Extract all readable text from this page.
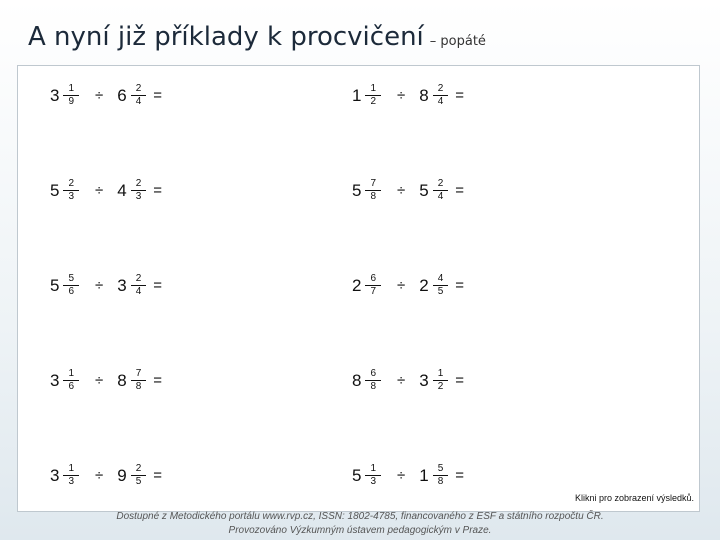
A nyní již příklady k procvičení – popáté
$3 \frac{1}{9} \div 6 \frac{2}{4}$ =
$5 \frac{2}{3} \div 4 \frac{2}{3}$ =
$5 \frac{5}{6} \div 3 \frac{2}{4}$ =
$3 \frac{1}{6} \div 8 \frac{7}{8}$ =
$3 \frac{1}{3} \div 9 \frac{2}{5}$ =
$1 \frac{1}{2} \div 8 \frac{2}{4}$ =
$5 \frac{7}{8} \div 5 \frac{2}{4}$ =
$2 \frac{6}{7} \div 2 \frac{4}{5}$ =
$8 \frac{6}{8} \div 3 \frac{1}{2}$ =
$5 \frac{1}{3} \div 1 \frac{5}{8}$ =
Klikni pro zobrazení výsledků.
Dostupné z Metodického portálu www.rvp.cz, ISSN: 1802-4785, financovaného z ESF a státního rozpočtu ČR.
Provozováno Výzkumným ústavem pedagogickým v Praze.
